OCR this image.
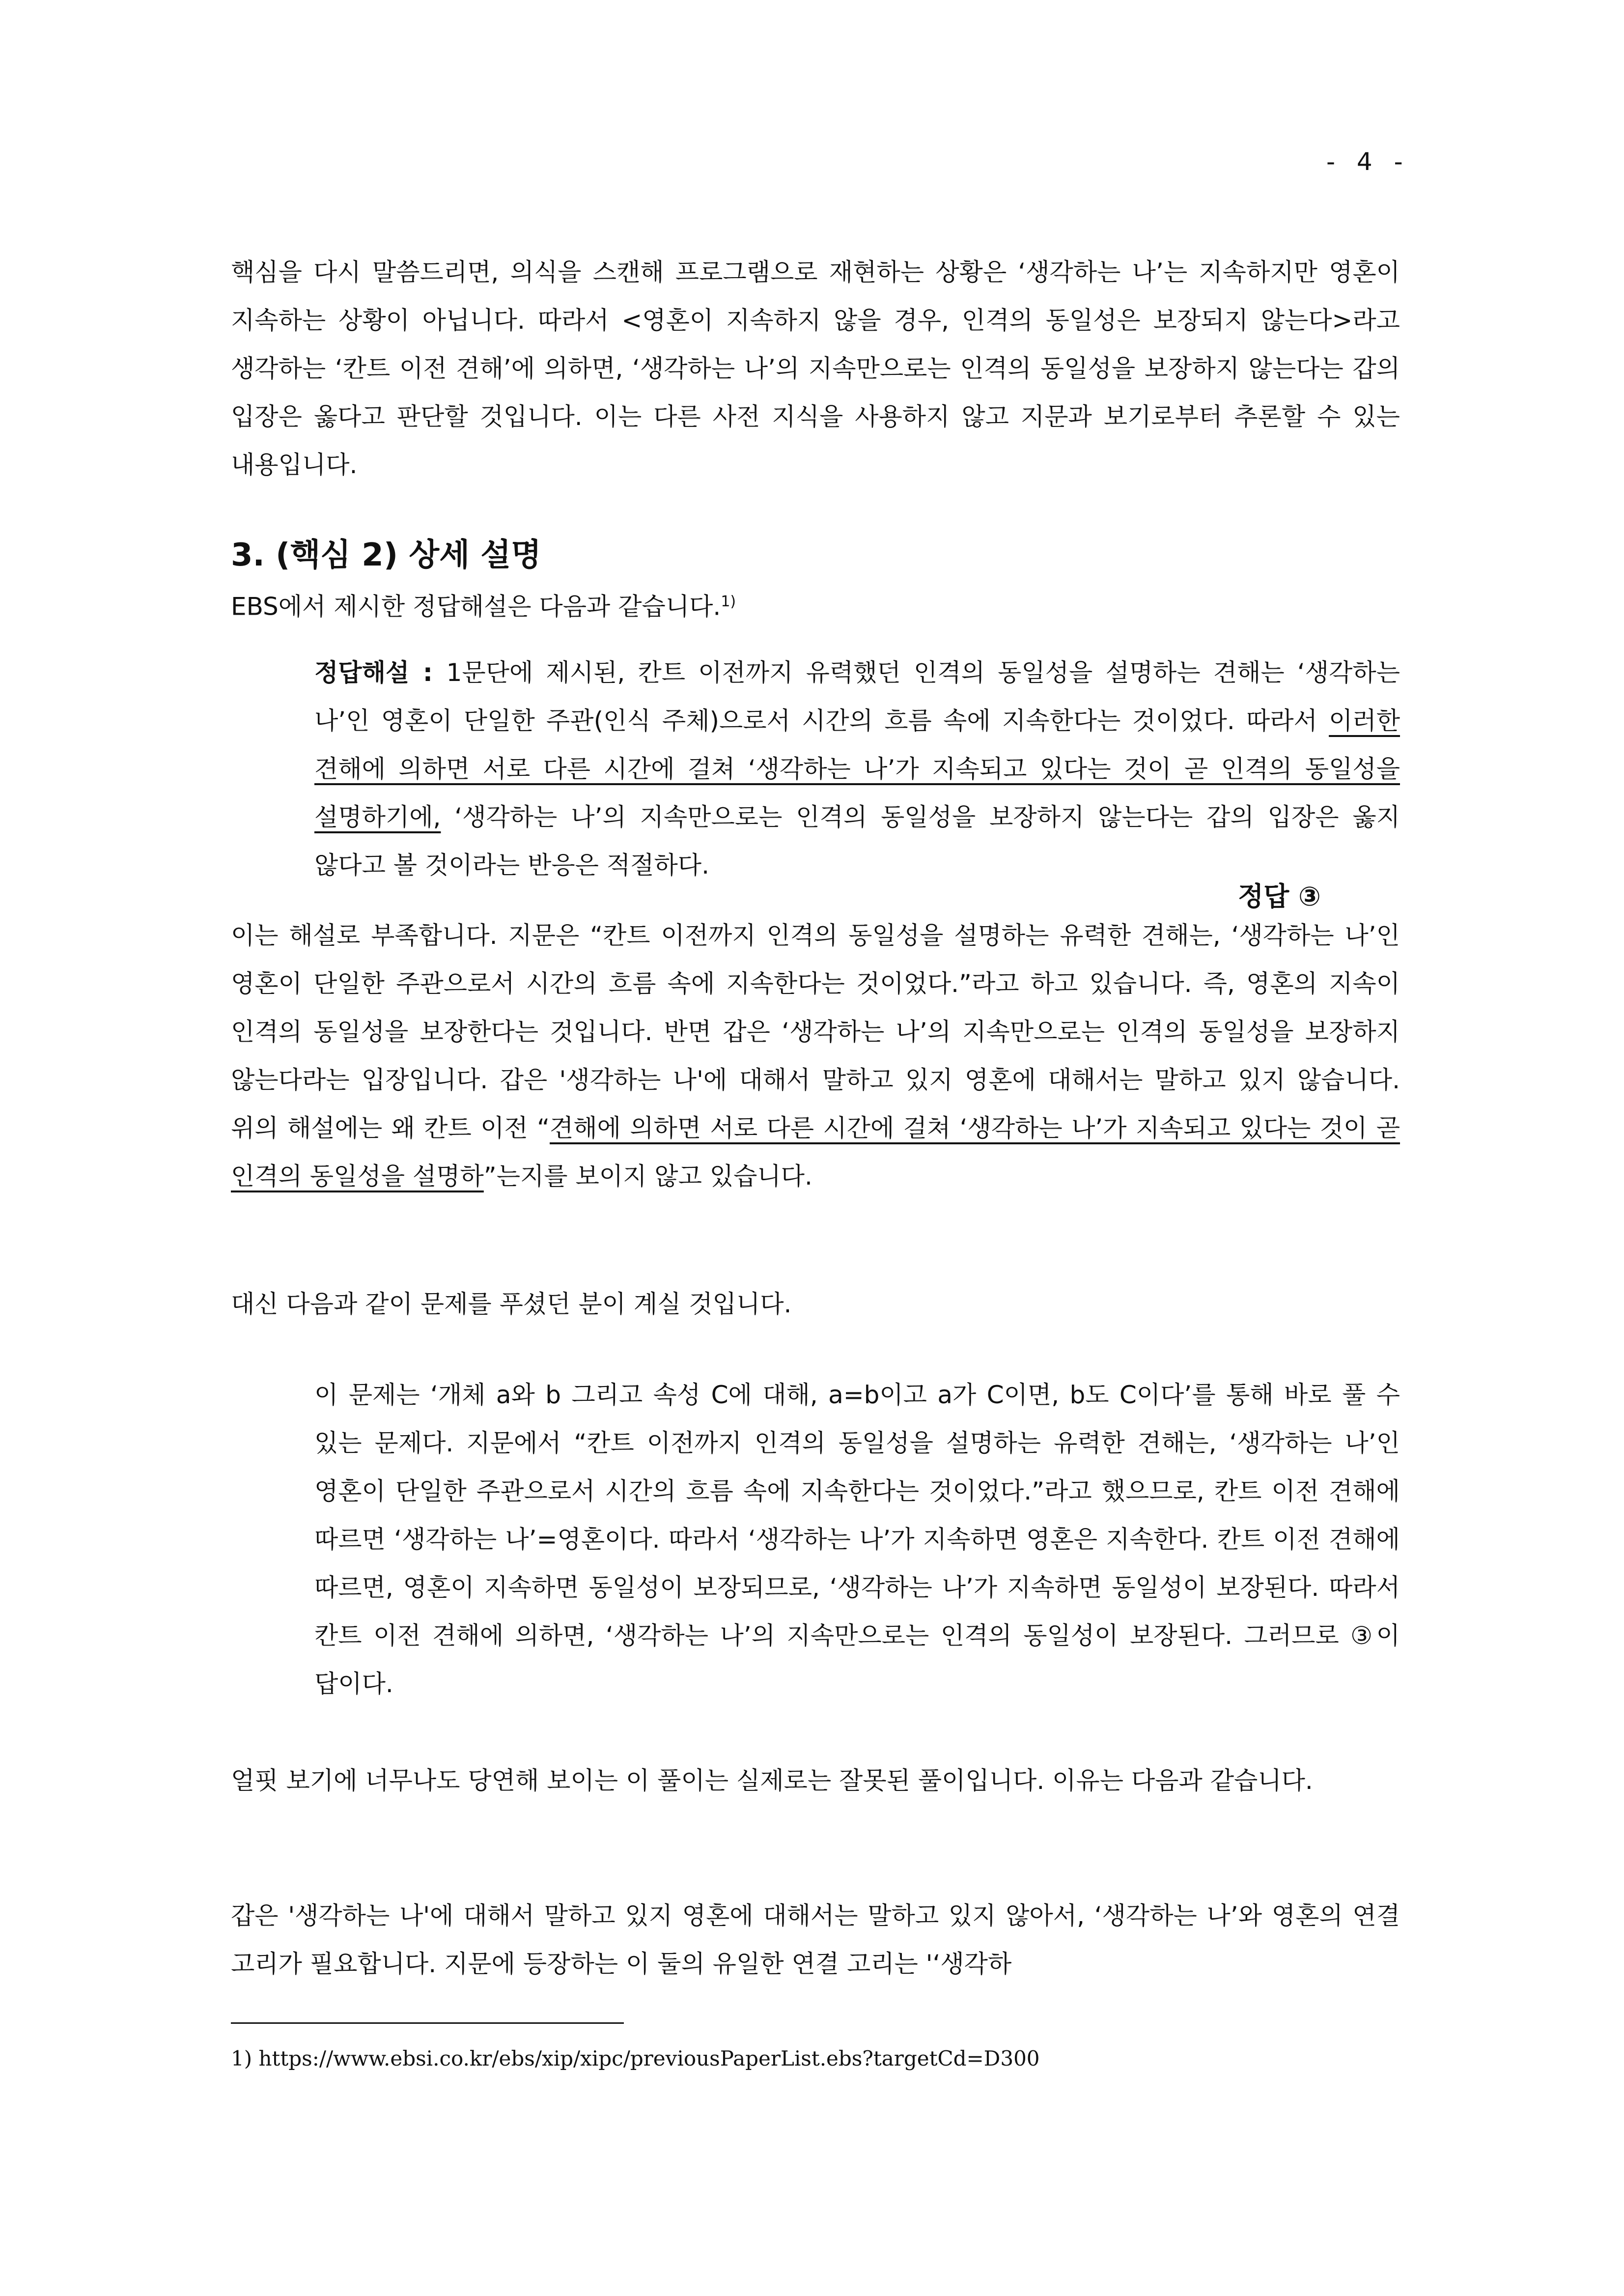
- 4 -

핵심을 다시 말씀드리면, 의식을 스캔해 프로그램으로 재현하는 상황은 ‘생각하는 나’는 지속하지만 영혼이 지속하는 상황이 아닙니다. 따라서 <영혼이 지속하지 않을 경우, 인격의 동일성은 보장되지 않는다>라고 생각하는 ‘칸트 이전 견해’에 의하면, ‘생각하는 나’의 지속만으로는 인격의 동일성을 보장하지 않는다는 갑의 입장은 옳다고 판단할 것입니다. 이는 다른 사전 지식을 사용하지 않고 지문과 보기로부터 추론할 수 있는 내용입니다.

3. (핵심 2) 상세 설명
EBS에서 제시한 정답해설은 다음과 같습니다.$^{1)}$

정답해설 : 1문단에 제시된, 칸트 이전까지 유력했던 인격의 동일성을 설명하는 견해는 ‘생각하는 나’인 영혼이 단일한 주관(인식 주체)으로서 시간의 흐름 속에 지속한다는 것이었다. 따라서 이러한 견해에 의하면 서로 다른 시간에 걸쳐 ‘생각하는 나’가 지속되고 있다는 것이 곧 인격의 동일성을 설명하기에, ‘생각하는 나’의 지속만으로는 인격의 동일성을 보장하지 않는다는 갑의 입장은 옳지 않다고 볼 것이라는 반응은 적절하다.

정답 ③

이는 해설로 부족합니다. 지문은 “칸트 이전까지 인격의 동일성을 설명하는 유력한 견해는, ‘생각하는 나’인 영혼이 단일한 주관으로서 시간의 흐름 속에 지속한다는 것이었다.”라고 하고 있습니다. 즉, 영혼의 지속이 인격의 동일성을 보장한다는 것입니다. 반면 갑은 ‘생각하는 나’의 지속만으로는 인격의 동일성을 보장하지 않는다라는 입장입니다. 갑은 '생각하는 나'에 대해서 말하고 있지 영혼에 대해서는 말하고 있지 않습니다. 위의 해설에는 왜 칸트 이전 “견해에 의하면 서로 다른 시간에 걸쳐 ‘생각하는 나’가 지속되고 있다는 것이 곧 인격의 동일성을 설명하”는지를 보이지 않고 있습니다.

대신 다음과 같이 문제를 푸셨던 분이 계실 것입니다.

이 문제는 ‘개체 a와 b 그리고 속성 C에 대해, a=b이고 a가 C이면, b도 C이다’를 통해 바로 풀 수 있는 문제다. 지문에서 “칸트 이전까지 인격의 동일성을 설명하는 유력한 견해는, ‘생각하는 나’인 영혼이 단일한 주관으로서 시간의 흐름 속에 지속한다는 것이었다.”라고 했으므로, 칸트 이전 견해에 따르면 ‘생각하는 나’=영혼이다. 따라서 ‘생각하는 나’가 지속하면 영혼은 지속한다. 칸트 이전 견해에 따르면, 영혼이 지속하면 동일성이 보장되므로, ‘생각하는 나’가 지속하면 동일성이 보장된다. 따라서 칸트 이전 견해에 의하면, ‘생각하는 나’의 지속만으로는 인격의 동일성이 보장된다. 그러므로 ③이 답이다.

얼핏 보기에 너무나도 당연해 보이는 이 풀이는 실제로는 잘못된 풀이입니다. 이유는 다음과 같습니다.

갑은 '생각하는 나'에 대해서 말하고 있지 영혼에 대해서는 말하고 있지 않아서, ‘생각하는 나’와 영혼의 연결 고리가 필요합니다. 지문에 등장하는 이 둘의 유일한 연결 고리는 '‘생각하

1) https://www.ebsi.co.kr/ebs/xip/xipc/previousPaperList.ebs?targetCd=D300
